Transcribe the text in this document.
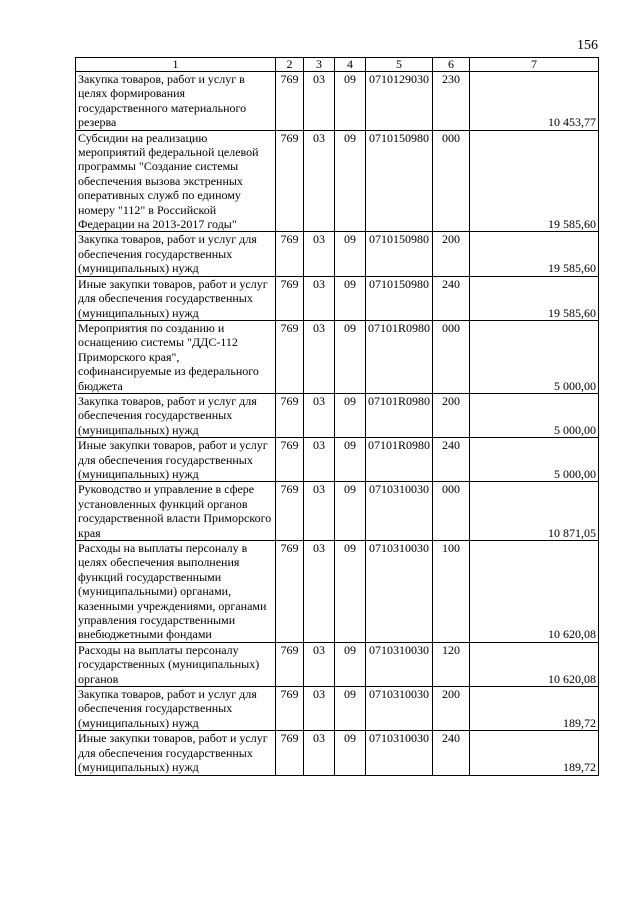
156
1	2	3	4	5	6	7
Закупка товаров, работ и услуг в целях формирования государственного материального резерва	769	03	09	0710129030	230	10 453,77
Субсидии на реализацию мероприятий федеральной целевой программы "Создание системы обеспечения вызова экстренных оперативных служб по единому номеру "112" в Российской Федерации на 2013-2017 годы"	769	03	09	0710150980	000	19 585,60
Закупка товаров, работ и услуг для обеспечения государственных (муниципальных) нужд	769	03	09	0710150980	200	19 585,60
Иные закупки товаров, работ и услуг для обеспечения государственных (муниципальных) нужд	769	03	09	0710150980	240	19 585,60
Мероприятия по созданию и оснащению системы "ДДС-112 Приморского края", софинансируемые из федерального бюджета	769	03	09	07101R0980	000	5 000,00
Закупка товаров, работ и услуг для обеспечения государственных (муниципальных) нужд	769	03	09	07101R0980	200	5 000,00
Иные закупки товаров, работ и услуг для обеспечения государственных (муниципальных) нужд	769	03	09	07101R0980	240	5 000,00
Руководство и управление в сфере установленных функций органов государственной власти Приморского края	769	03	09	0710310030	000	10 871,05
Расходы на выплаты персоналу в целях обеспечения выполнения функций государственными (муниципальными) органами, казенными учреждениями, органами управления государственными внебюджетными фондами	769	03	09	0710310030	100	10 620,08
Расходы на выплаты персоналу государственных (муниципальных) органов	769	03	09	0710310030	120	10 620,08
Закупка товаров, работ и услуг для обеспечения государственных (муниципальных) нужд	769	03	09	0710310030	200	189,72
Иные закупки товаров, работ и услуг для обеспечения государственных (муниципальных) нужд	769	03	09	0710310030	240	189,72
